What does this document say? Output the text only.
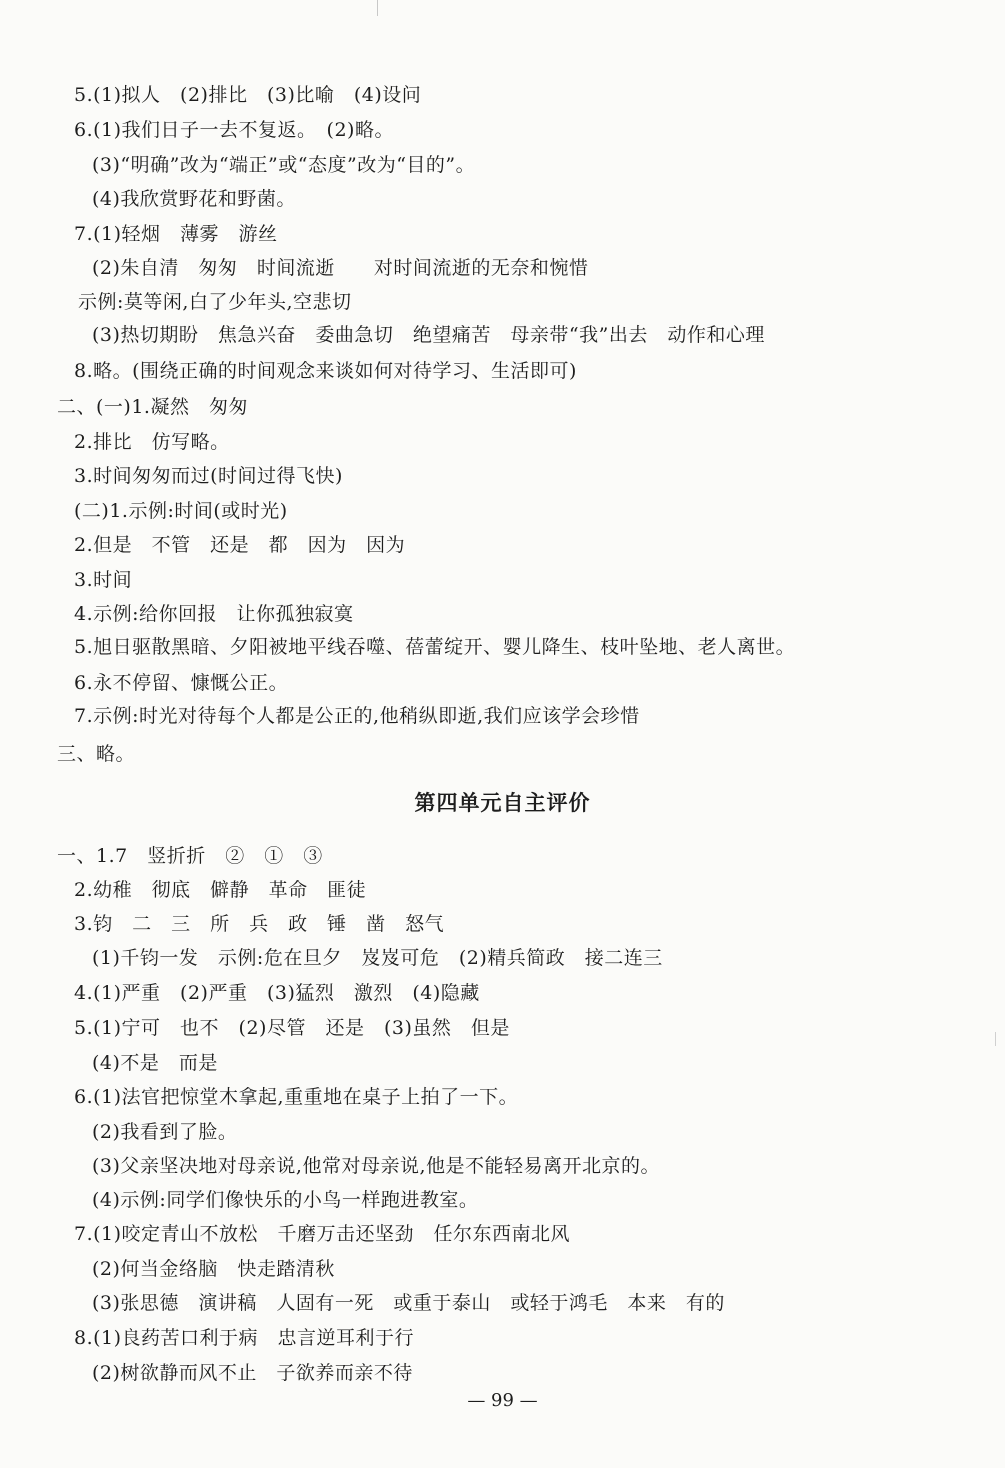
5.(1)拟人　(2)排比　(3)比喻　(4)设问
6.(1)我们日子一去不复返。　(2)略。
(3)“明确”改为“端正”或“态度”改为“目的”。
(4)我欣赏野花和野菌。
7.(1)轻烟　薄雾　游丝
(2)朱自清　匆匆　时间流逝　　对时间流逝的无奈和惋惜
示例:莫等闲,白了少年头,空悲切
(3)热切期盼　焦急兴奋　委曲急切　绝望痛苦　母亲带“我”出去　动作和心理
8.略。(围绕正确的时间观念来谈如何对待学习、生活即可)
二、(一)1.凝然　匆匆
2.排比　仿写略。
3.时间匆匆而过(时间过得飞快)
(二)1.示例:时间(或时光)
2.但是　不管　还是　都　因为　因为
3.时间
4.示例:给你回报　让你孤独寂寞
5.旭日驱散黑暗、夕阳被地平线吞噬、蓓蕾绽开、婴儿降生、枝叶坠地、老人离世。
6.永不停留、慷慨公正。
7.示例:时光对待每个人都是公正的,他稍纵即逝,我们应该学会珍惜
三、略。
第四单元自主评价
一、1.7　竖折折　②　①　③
2.幼稚　彻底　僻静　革命　匪徒
3.钧　二　三　所　兵　政　锤　凿　怒气
(1)千钧一发　示例:危在旦夕　岌岌可危　(2)精兵简政　接二连三
4.(1)严重　(2)严重　(3)猛烈　激烈　(4)隐藏
5.(1)宁可　也不　(2)尽管　还是　(3)虽然　但是
(4)不是　而是
6.(1)法官把惊堂木拿起,重重地在桌子上拍了一下。
(2)我看到了脸。
(3)父亲坚决地对母亲说,他常对母亲说,他是不能轻易离开北京的。
(4)示例:同学们像快乐的小鸟一样跑进教室。
7.(1)咬定青山不放松　千磨万击还坚劲　任尔东西南北风
(2)何当金络脑　快走踏清秋
(3)张思德　演讲稿　人固有一死　或重于泰山　或轻于鸿毛　本来　有的
8.(1)良药苦口利于病　忠言逆耳利于行
(2)树欲静而风不止　子欲养而亲不待
— 99 —
